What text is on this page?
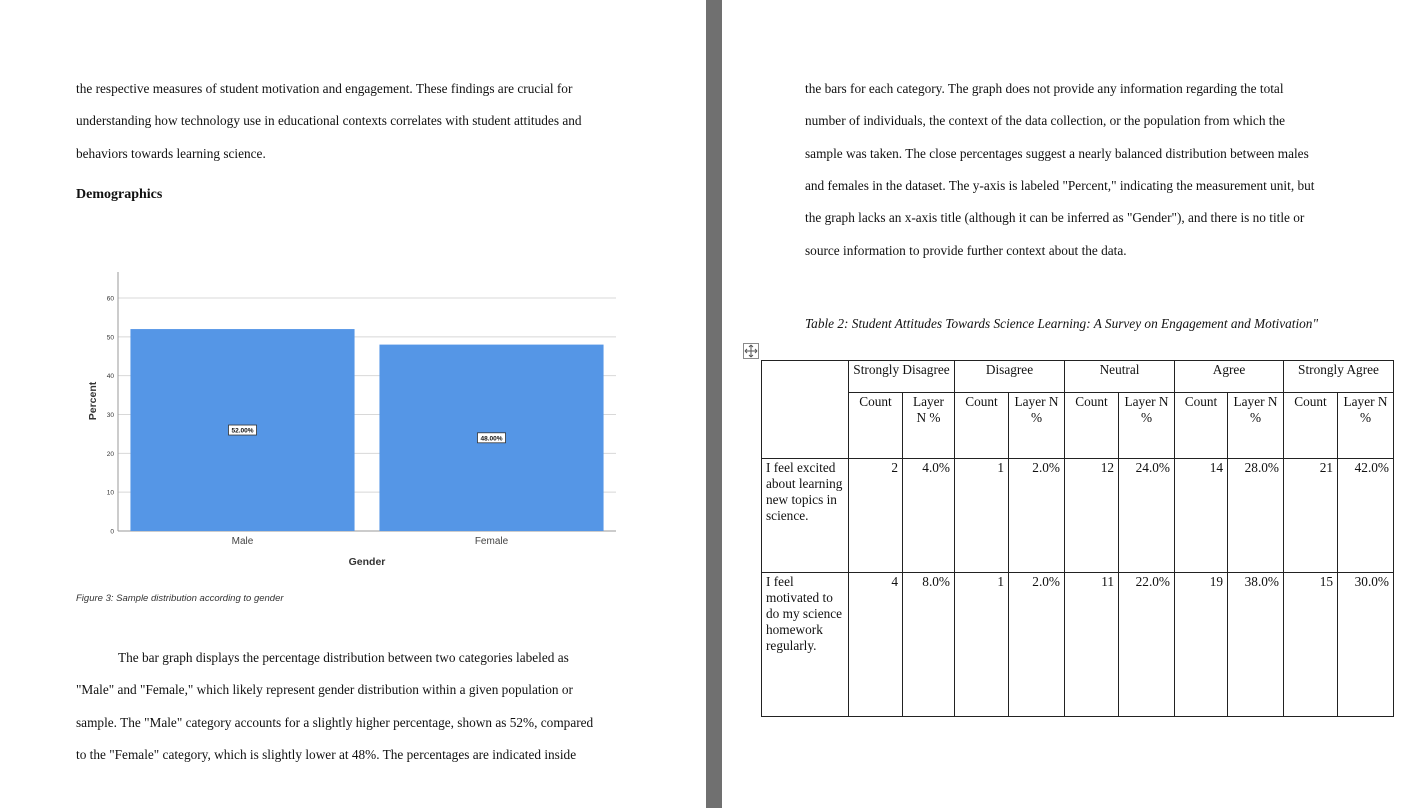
the respective measures of student motivation and engagement. These findings are crucial for
understanding how technology use in educational contexts correlates with student attitudes and
behaviors towards learning science.
Demographics
0
10
20
30
40
50
60
52.00%
48.00%
Male	Female
Gender
Percent
Figure 3: Sample distribution according to gender
The bar graph displays the percentage distribution between two categories labeled as
"Male" and "Female," which likely represent gender distribution within a given population or
sample. The "Male" category accounts for a slightly higher percentage, shown as 52%, compared
to the "Female" category, which is slightly lower at 48%. The percentages are indicated inside
the bars for each category. The graph does not provide any information regarding the total
number of individuals, the context of the data collection, or the population from which the
sample was taken. The close percentages suggest a nearly balanced distribution between males
and females in the dataset. The y-axis is labeled "Percent," indicating the measurement unit, but
the graph lacks an x-axis title (although it can be inferred as "Gender"), and there is no title or
source information to provide further context about the data.
Table 2: Student Attitudes Towards Science Learning: A Survey on Engagement and Motivation"
	Strongly Disagree		Disagree		Neutral		Agree		Strongly Agree	
	Count	Layer N %	Count	Layer N %	Count	Layer N %	Count	Layer N %	Count	Layer N %
I feel excited about learning new topics in science.	2	4.0%	1	2.0%	12	24.0%	14	28.0%	21	42.0%
I feel motivated to do my science homework regularly.	4	8.0%	1	2.0%	11	22.0%	19	38.0%	15	30.0%
